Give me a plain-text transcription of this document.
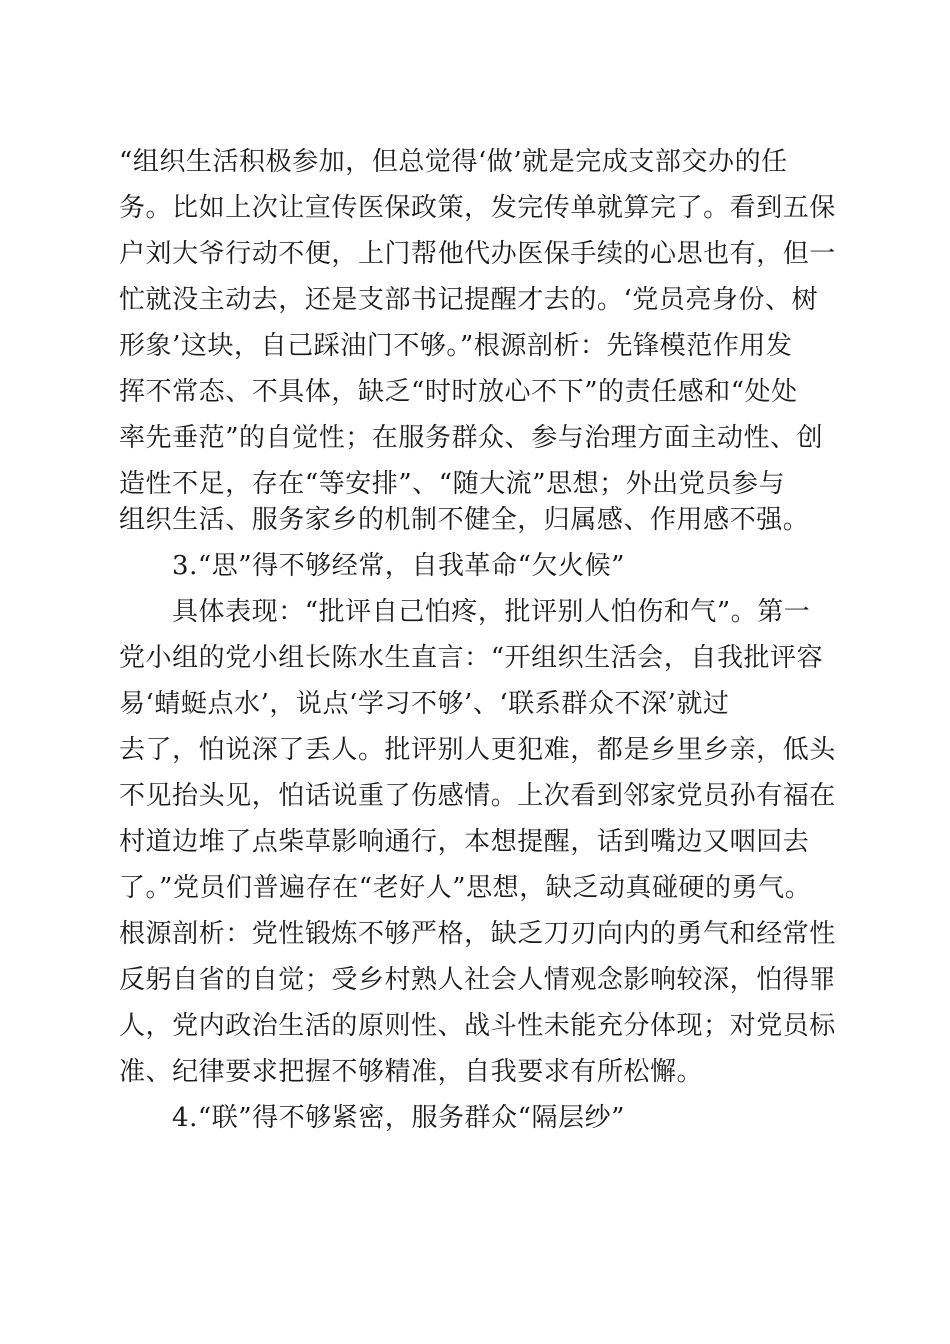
“组织生活积极参加，但总觉得‘做’就是完成支部交办的任
务。比如上次让宣传医保政策，发完传单就算完了。看到五保
户刘大爷行动不便，上门帮他代办医保手续的心思也有，但一
忙就没主动去，还是支部书记提醒才去的。‘党员亮身份、树
形象’这块，自己踩油门不够。”根源剖析：先锋模范作用发
挥不常态、不具体，缺乏“时时放心不下”的责任感和“处处
率先垂范”的自觉性；在服务群众、参与治理方面主动性、创
造性不足，存在“等安排”、“随大流”思想；外出党员参与
组织生活、服务家乡的机制不健全，归属感、作用感不强。
3.“思”得不够经常，自我革命“欠火候”
具体表现：“批评自己怕疼，批评别人怕伤和气”。第一
党小组的党小组长陈水生直言：“开组织生活会，自我批评容
易‘蜻蜓点水’，说点‘学习不够’、‘联系群众不深’就过
去了，怕说深了丢人。批评别人更犯难，都是乡里乡亲，低头
不见抬头见，怕话说重了伤感情。上次看到邻家党员孙有福在
村道边堆了点柴草影响通行，本想提醒，话到嘴边又咽回去
了。”党员们普遍存在“老好人”思想，缺乏动真碰硬的勇气。
根源剖析：党性锻炼不够严格，缺乏刀刃向内的勇气和经常性
反躬自省的自觉；受乡村熟人社会人情观念影响较深，怕得罪
人，党内政治生活的原则性、战斗性未能充分体现；对党员标
准、纪律要求把握不够精准，自我要求有所松懈。
4.“联”得不够紧密，服务群众“隔层纱”
